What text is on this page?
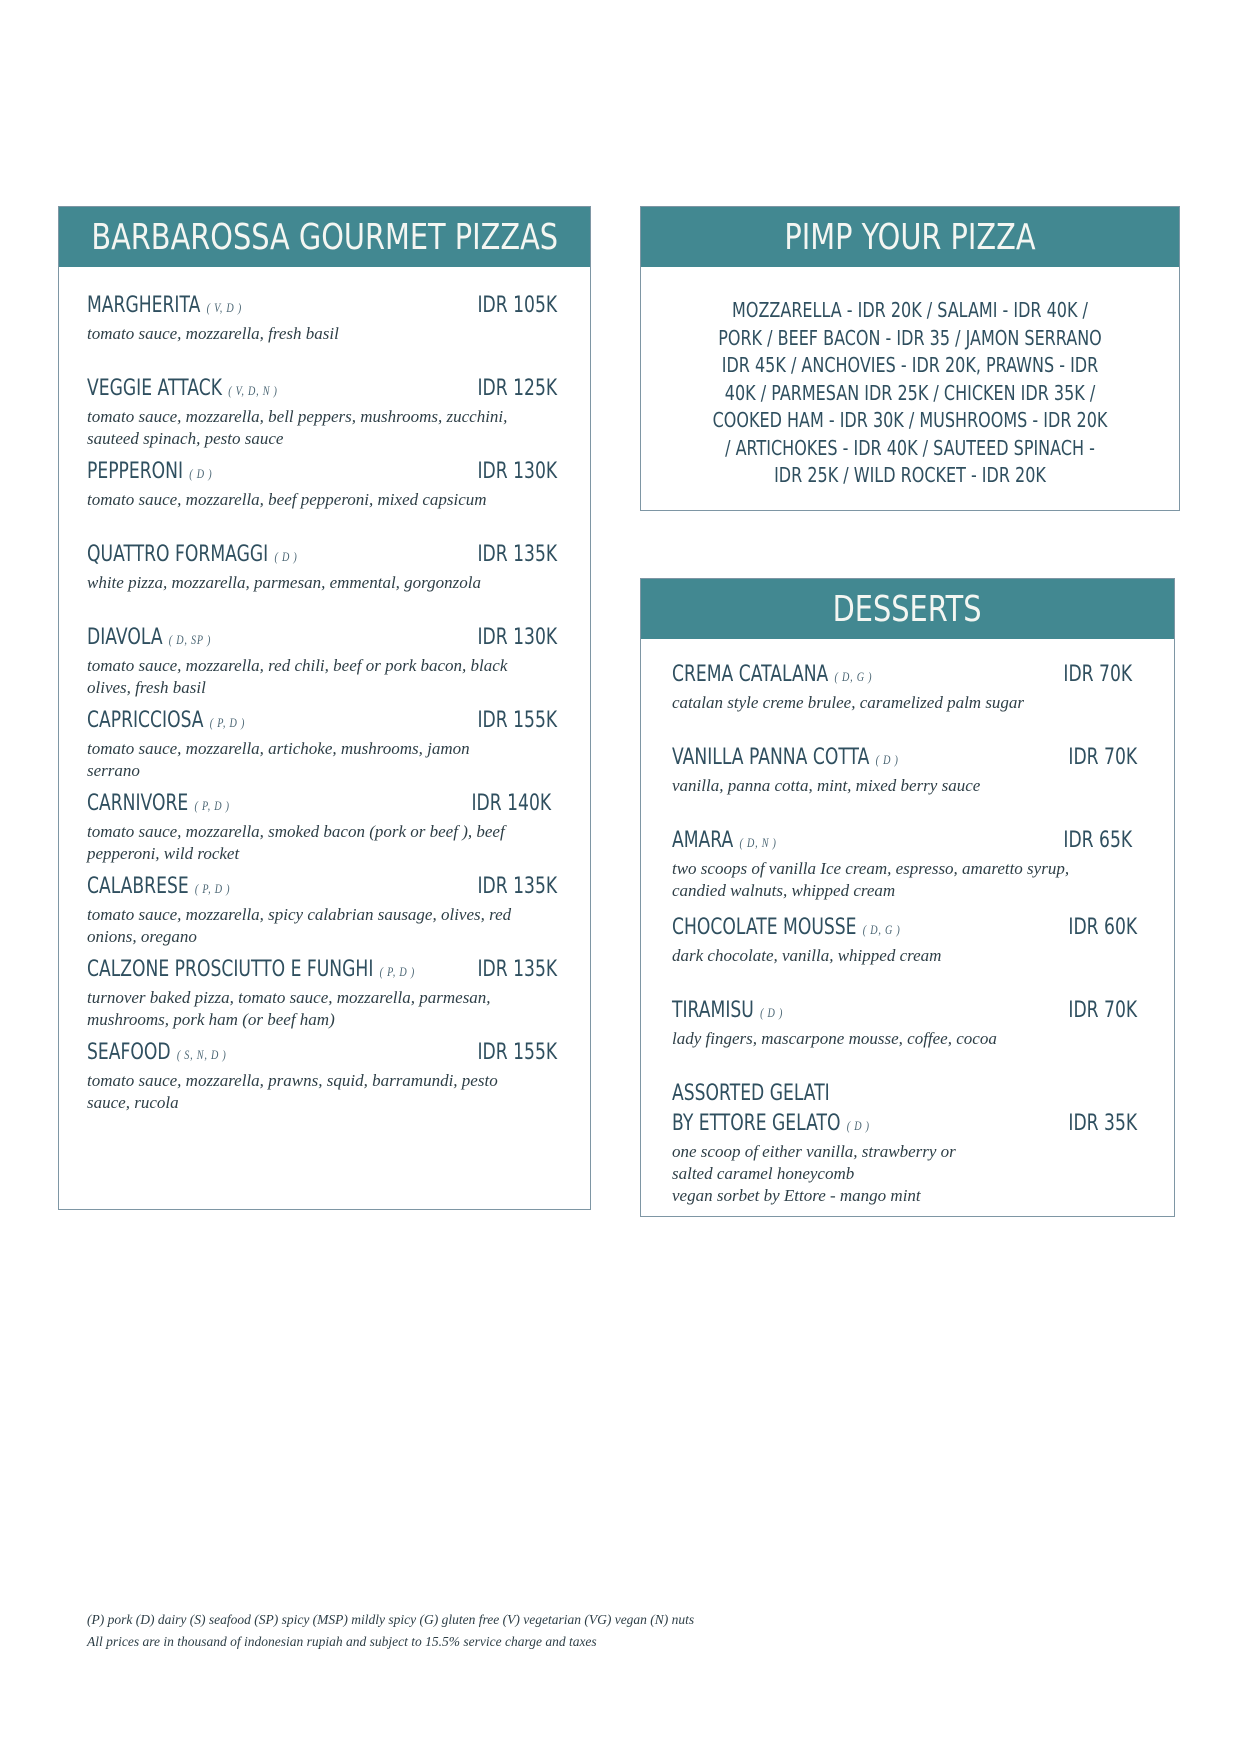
BARBAROSSA GOURMET PIZZAS
MARGHERITA ( V, D )	IDR 105K
tomato sauce, mozzarella, fresh basil
VEGGIE ATTACK ( V, D, N )	IDR 125K
tomato sauce, mozzarella, bell peppers, mushrooms, zucchini,
sauteed spinach, pesto sauce
PEPPERONI ( D )	IDR 130K
tomato sauce, mozzarella, beef pepperoni, mixed capsicum
QUATTRO FORMAGGI ( D )	IDR 135K
white pizza, mozzarella, parmesan, emmental, gorgonzola
DIAVOLA ( D, SP )	IDR 130K
tomato sauce, mozzarella, red chili, beef or pork bacon, black
olives, fresh basil
CAPRICCIOSA ( P, D )	IDR 155K
tomato sauce, mozzarella, artichoke, mushrooms, jamon
serrano
CARNIVORE ( P, D )	IDR 140K
tomato sauce, mozzarella, smoked bacon (pork or beef ), beef
pepperoni, wild rocket
CALABRESE ( P, D )	IDR 135K
tomato sauce, mozzarella, spicy calabrian sausage, olives, red
onions, oregano
CALZONE PROSCIUTTO E FUNGHI ( P, D )	IDR 135K
turnover baked pizza, tomato sauce, mozzarella, parmesan,
mushrooms, pork ham (or beef ham)
SEAFOOD ( S, N, D )	IDR 155K
tomato sauce, mozzarella, prawns, squid, barramundi, pesto
sauce, rucola
PIMP YOUR PIZZA
MOZZARELLA - IDR 20K / SALAMI - IDR 40K /
PORK / BEEF BACON - IDR 35 / JAMON SERRANO
IDR 45K / ANCHOVIES - IDR 20K, PRAWNS - IDR
40K / PARMESAN IDR 25K / CHICKEN IDR 35K /
COOKED HAM - IDR 30K / MUSHROOMS - IDR 20K
/ ARTICHOKES - IDR 40K / SAUTEED SPINACH -
IDR 25K / WILD ROCKET - IDR 20K
DESSERTS
CREMA CATALANA ( D, G )	IDR 70K
catalan style creme brulee, caramelized palm sugar
VANILLA PANNA COTTA ( D )	IDR 70K
vanilla, panna cotta, mint, mixed berry sauce
AMARA ( D, N )	IDR 65K
two scoops of vanilla Ice cream, espresso, amaretto syrup,
candied walnuts, whipped cream
CHOCOLATE MOUSSE ( D, G )	IDR 60K
dark chocolate, vanilla, whipped cream
TIRAMISU ( D )	IDR 70K
lady fingers, mascarpone mousse, coffee, cocoa
ASSORTED GELATI
BY ETTORE GELATO ( D )	IDR 35K
one scoop of either vanilla, strawberry or
salted caramel honeycomb
vegan sorbet by Ettore - mango mint
(P) pork (D) dairy (S) seafood (SP) spicy (MSP) mildly spicy (G) gluten free (V) vegetarian (VG) vegan (N) nuts
All prices are in thousand of indonesian rupiah and subject to 15.5% service charge and taxes
